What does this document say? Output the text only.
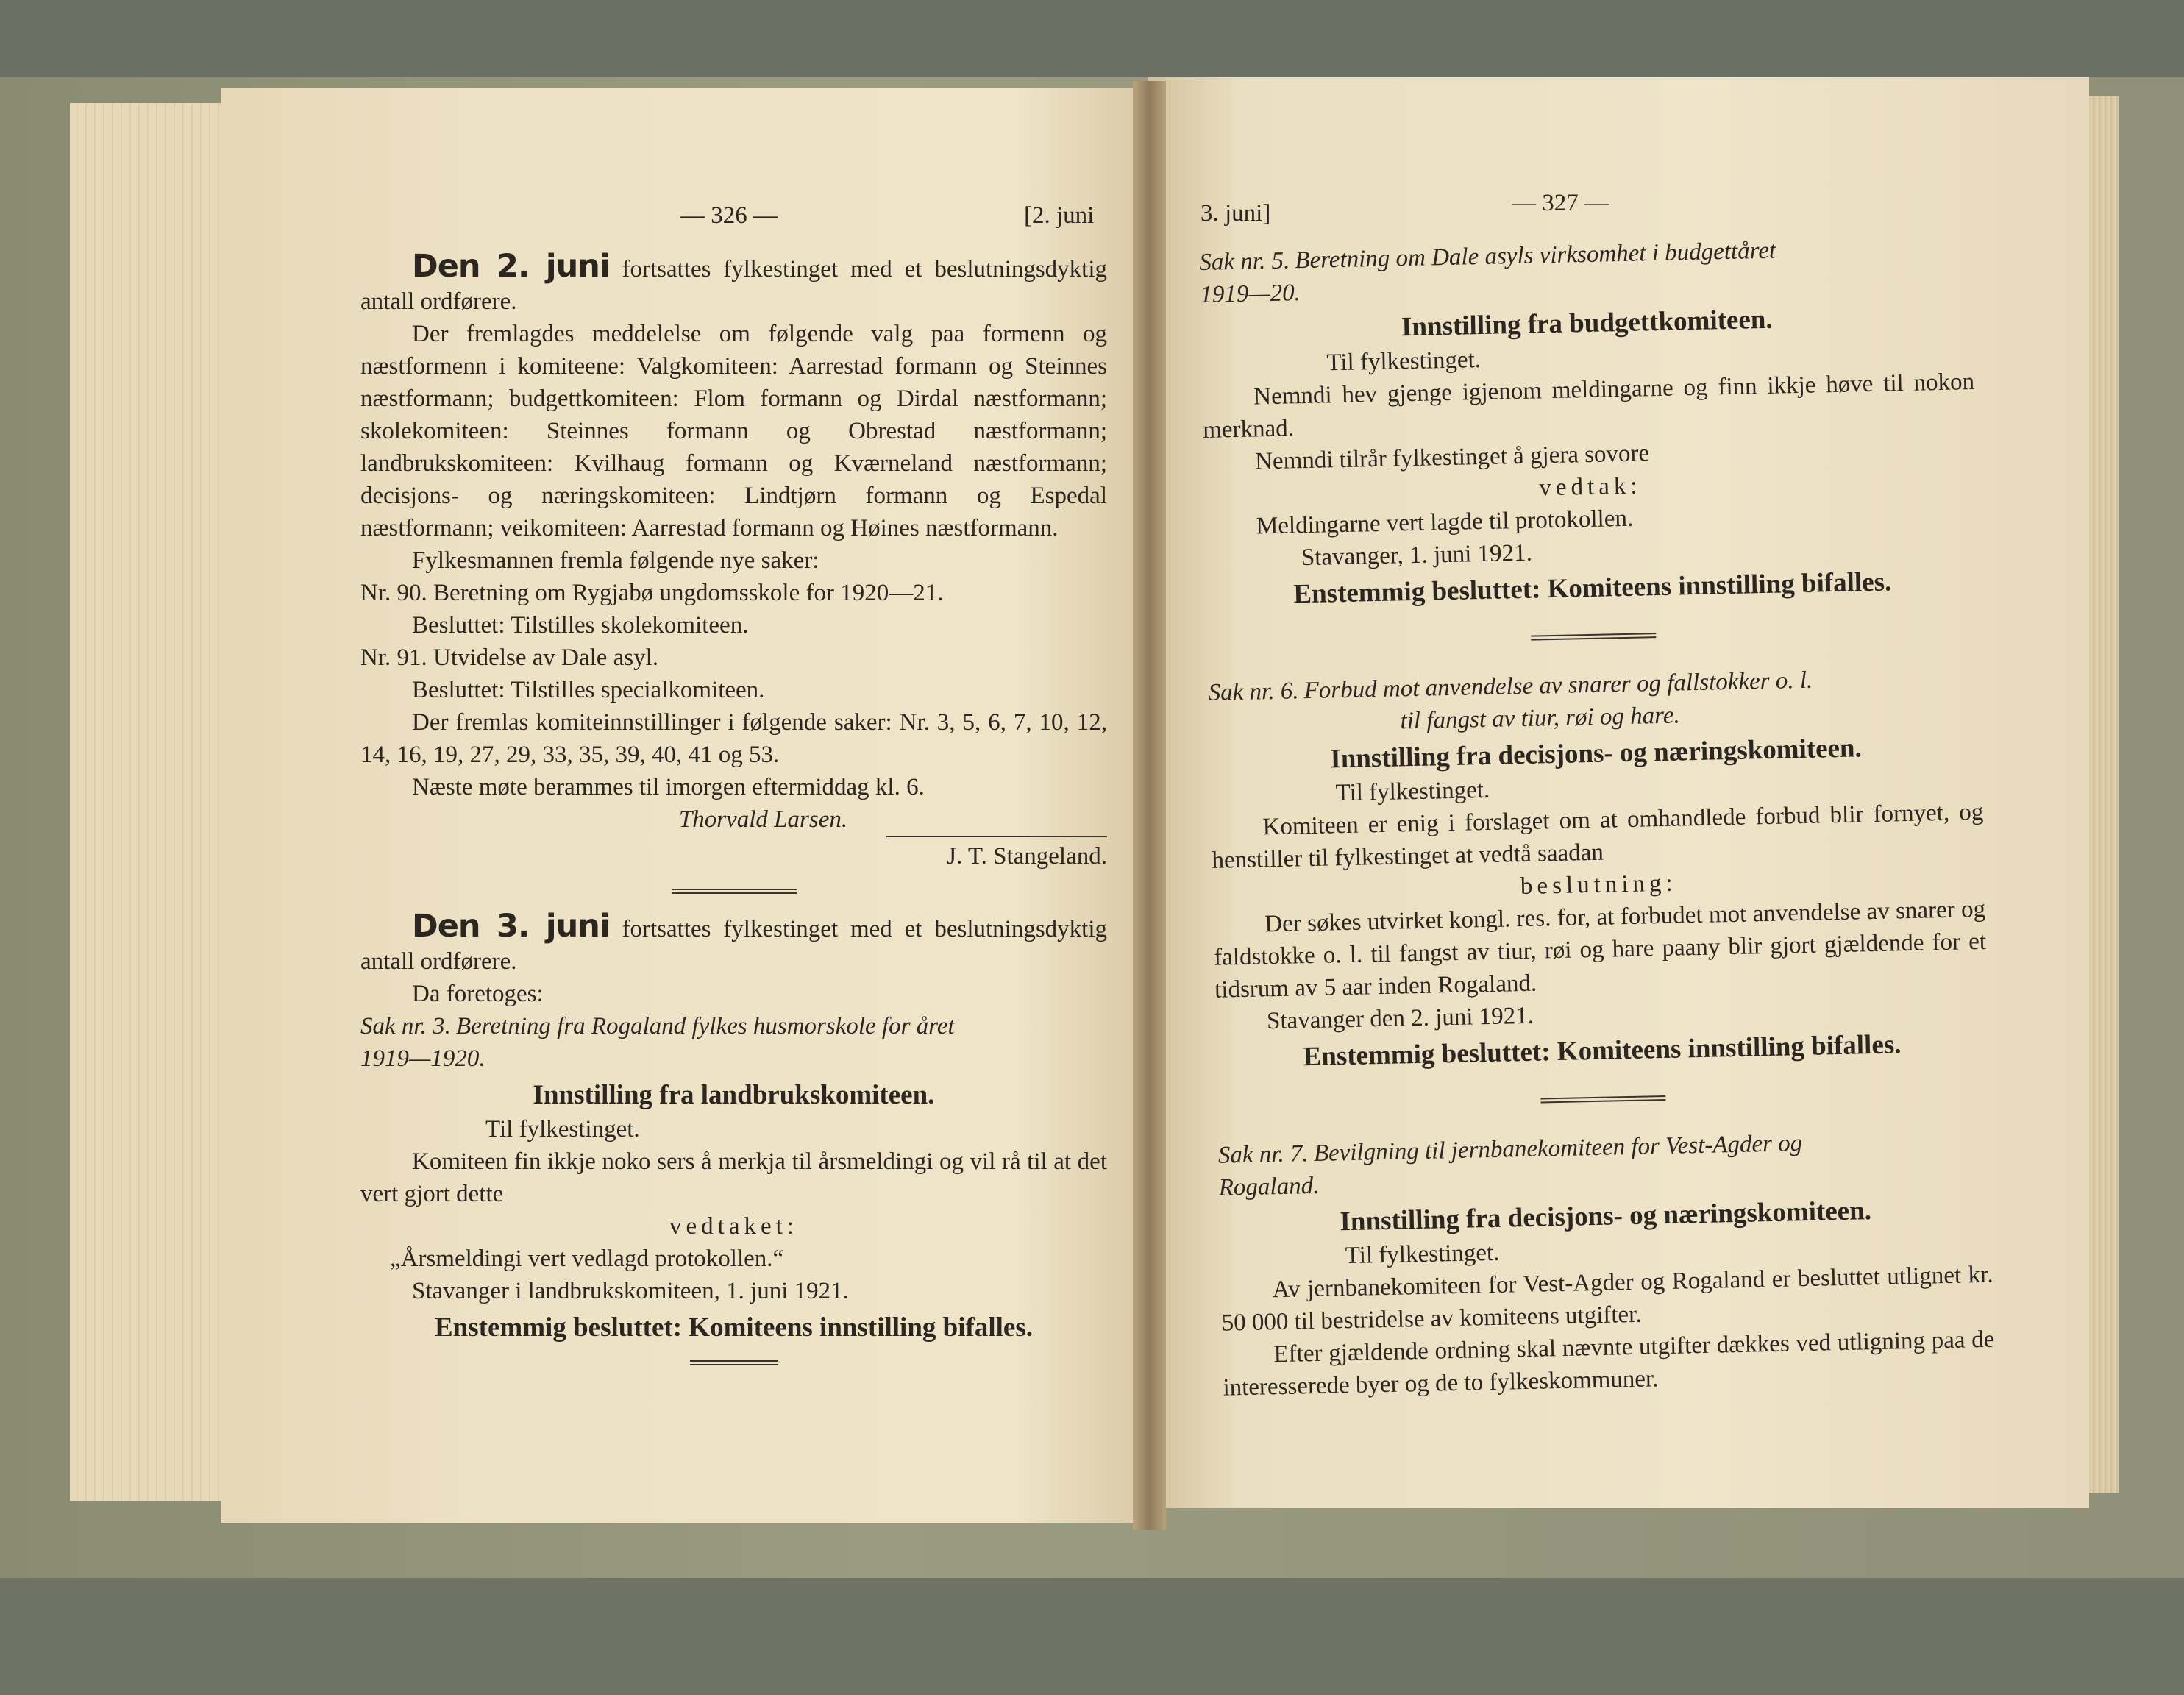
— 326 —	[2. juni

Den 2. juni fortsattes fylkestinget med et beslutningsdyktig antall ordførere.

Der fremlagdes meddelelse om følgende valg paa formenn og næstformenn i komiteene: Valgkomiteen: Aarrestad formann og Steinnes næstformann; budgettkomiteen: Flom formann og Dirdal næstformann; skolekomiteen: Steinnes formann og Obrestad næstformann; landbrukskomiteen: Kvilhaug formann og Kværneland næstformann; decisjons- og næringskomiteen: Lindtjørn formann og Espedal næstformann; veikomiteen: Aarrestad formann og Høines næstformann.

Fylkesmannen fremla følgende nye saker:

Nr. 90. Beretning om Rygjabø ungdomsskole for 1920—21.

Besluttet: Tilstilles skolekomiteen.

Nr. 91. Utvidelse av Dale asyl.

Besluttet: Tilstilles specialkomiteen.

Der fremlas komiteinnstillinger i følgende saker: Nr. 3, 5, 6, 7, 10, 12, 14, 16, 19, 27, 29, 33, 35, 39, 40, 41 og 53.

Næste møte berammes til imorgen eftermiddag kl. 6.

Thorvald Larsen.

J. T. Stangeland.

Den 3. juni fortsattes fylkestinget med et beslutningsdyktig antall ordførere.

Da foretoges:

Sak nr. 3. Beretning fra Rogaland fylkes husmorskole for året

1919—1920.

Innstilling fra landbrukskomiteen.

Til fylkestinget.

Komiteen fin ikkje noko sers å merkja til årsmeldingi og vil rå til at det vert gjort dette

vedtaket:

„Årsmeldingi vert vedlagd protokollen.“

Stavanger i landbrukskomiteen, 1. juni 1921.

Enstemmig besluttet: Komiteens innstilling bifalles.

3. juni]	— 327 —

Sak nr. 5. Beretning om Dale asyls virksomhet i budgettåret

1919—20.

Innstilling fra budgettkomiteen.

Til fylkestinget.

Nemndi hev gjenge igjenom meldingarne og finn ikkje høve til nokon merknad.

Nemndi tilrår fylkestinget å gjera sovore

vedtak:

Meldingarne vert lagde til protokollen.

Stavanger, 1. juni 1921.

Enstemmig besluttet: Komiteens innstilling bifalles.

Sak nr. 6. Forbud mot anvendelse av snarer og fallstokker o. l.

til fangst av tiur, røi og hare.

Innstilling fra decisjons- og næringskomiteen.

Til fylkestinget.

Komiteen er enig i forslaget om at omhandlede forbud blir fornyet, og henstiller til fylkestinget at vedtå saadan

beslutning:

Der søkes utvirket kongl. res. for, at forbudet mot anvendelse av snarer og faldstokke o. l. til fangst av tiur, røi og hare paany blir gjort gjældende for et tidsrum av 5 aar inden Rogaland.

Stavanger den 2. juni 1921.

Enstemmig besluttet: Komiteens innstilling bifalles.

Sak nr. 7. Bevilgning til jernbanekomiteen for Vest-Agder og

Rogaland.

Innstilling fra decisjons- og næringskomiteen.

Til fylkestinget.

Av jernbanekomiteen for Vest-Agder og Rogaland er besluttet utlignet kr. 50 000 til bestridelse av komiteens utgifter.

Efter gjældende ordning skal nævnte utgifter dækkes ved utligning paa de interesserede byer og de to fylkeskommuner.
